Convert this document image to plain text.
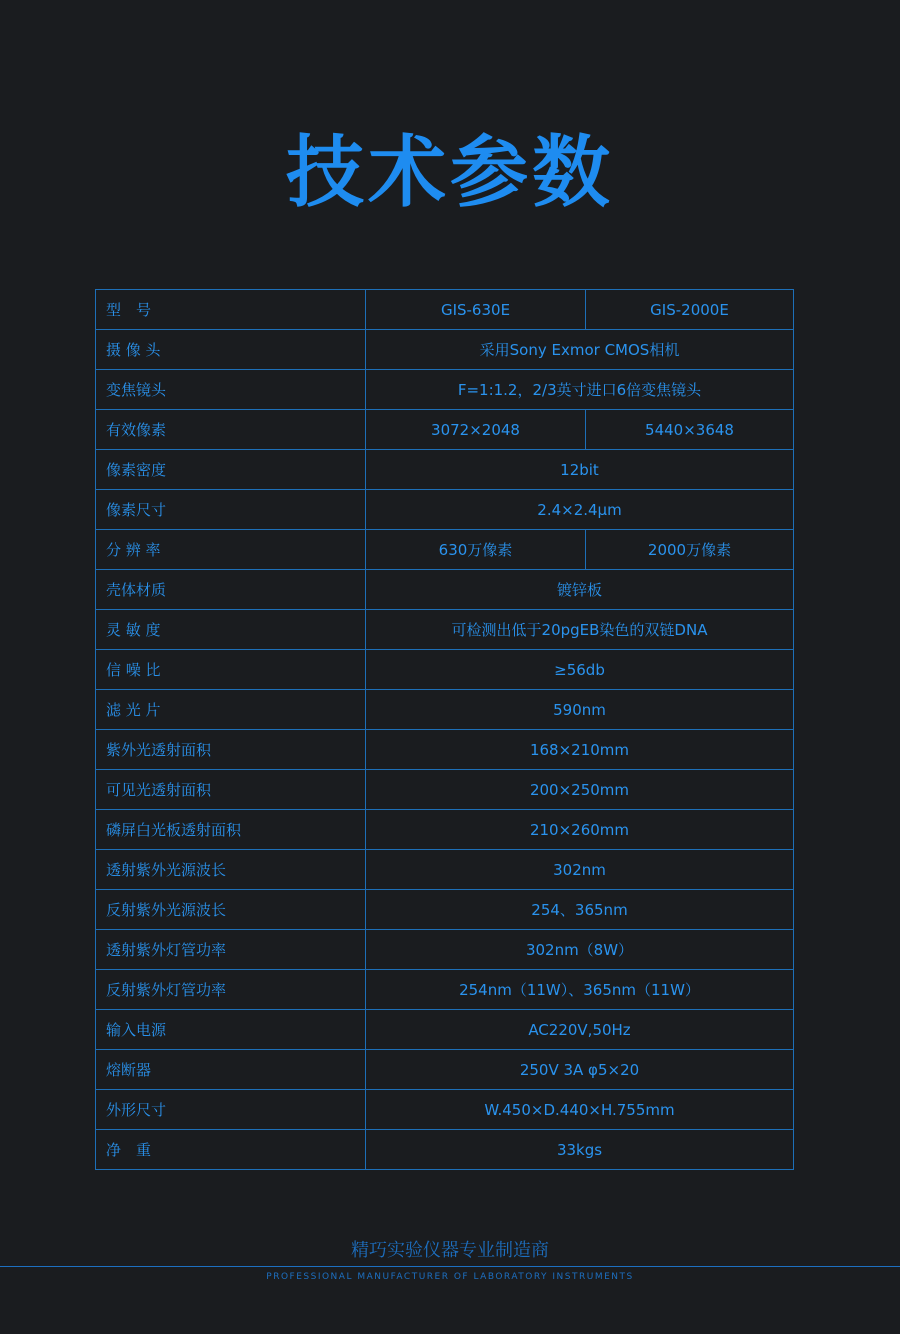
技术参数
型　号	GIS-630E	GIS-2000E
摄 像 头	采用Sony Exmor CMOS相机	
变焦镜头	F=1:1.2，2/3英寸进口6倍变焦镜头	
有效像素	3072×2048	5440×3648
像素密度	12bit	
像素尺寸	2.4×2.4μm	
分 辨 率	630万像素	2000万像素
壳体材质	镀锌板	
灵 敏 度	可检测出低于20pgEB染色的双链DNA	
信 噪 比	≥56db	
滤 光 片	590nm	
紫外光透射面积	168×210mm	
可见光透射面积	200×250mm	
磷屏白光板透射面积	210×260mm	
透射紫外光源波长	302nm	
反射紫外光源波长	254、365nm	
透射紫外灯管功率	302nm（8W）	
反射紫外灯管功率	254nm（11W）、365nm（11W）	
输入电源	AC220V,50Hz	
熔断器	250V 3A φ5×20	
外形尺寸	W.450×D.440×H.755mm	
净　重	33kgs	
精巧实验仪器专业制造商
PROFESSIONAL MANUFACTURER OF LABORATORY INSTRUMENTS
